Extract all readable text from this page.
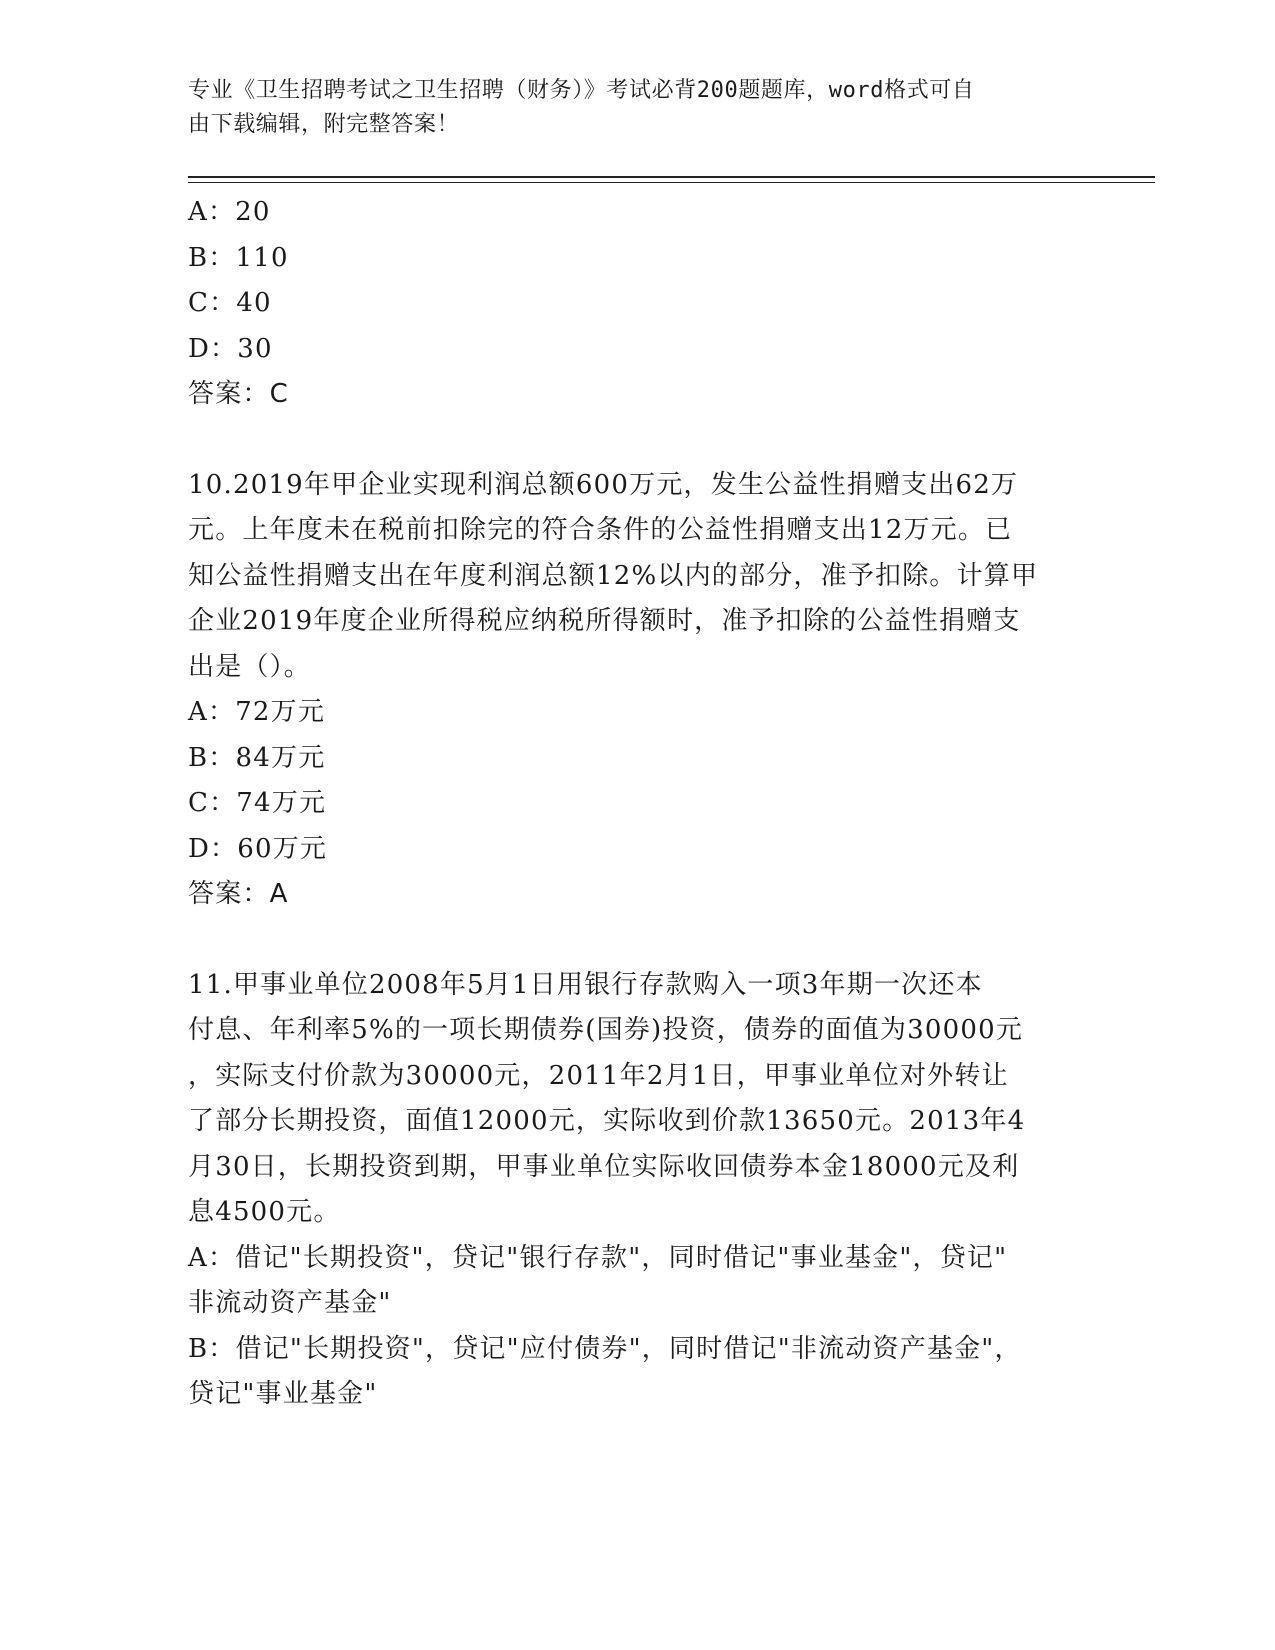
专业《卫生招聘考试之卫生招聘（财务）》考试必背200题题库，word格式可自
由下载编辑，附完整答案！
A：20
B：110
C：40
D：30
答案：C
10.2019年甲企业实现利润总额600万元，发生公益性捐赠支出62万
元。上年度未在税前扣除完的符合条件的公益性捐赠支出12万元。已
知公益性捐赠支出在年度利润总额12%以内的部分，准予扣除。计算甲
企业2019年度企业所得税应纳税所得额时，准予扣除的公益性捐赠支
出是（）。
A：72万元
B：84万元
C：74万元
D：60万元
答案：A
11.甲事业单位2008年5月1日用银行存款购入一项3年期一次还本
付息、年利率5%的一项长期债券(国券)投资，债券的面值为30000元
，实际支付价款为30000元，2011年2月1日，甲事业单位对外转让
了部分长期投资，面值12000元，实际收到价款13650元。2013年4
月30日，长期投资到期，甲事业单位实际收回债券本金18000元及利
息4500元。
A：借记"长期投资"，贷记"银行存款"，同时借记"事业基金"，贷记"
非流动资产基金"
B：借记"长期投资"，贷记"应付债券"，同时借记"非流动资产基金"，
贷记"事业基金"
